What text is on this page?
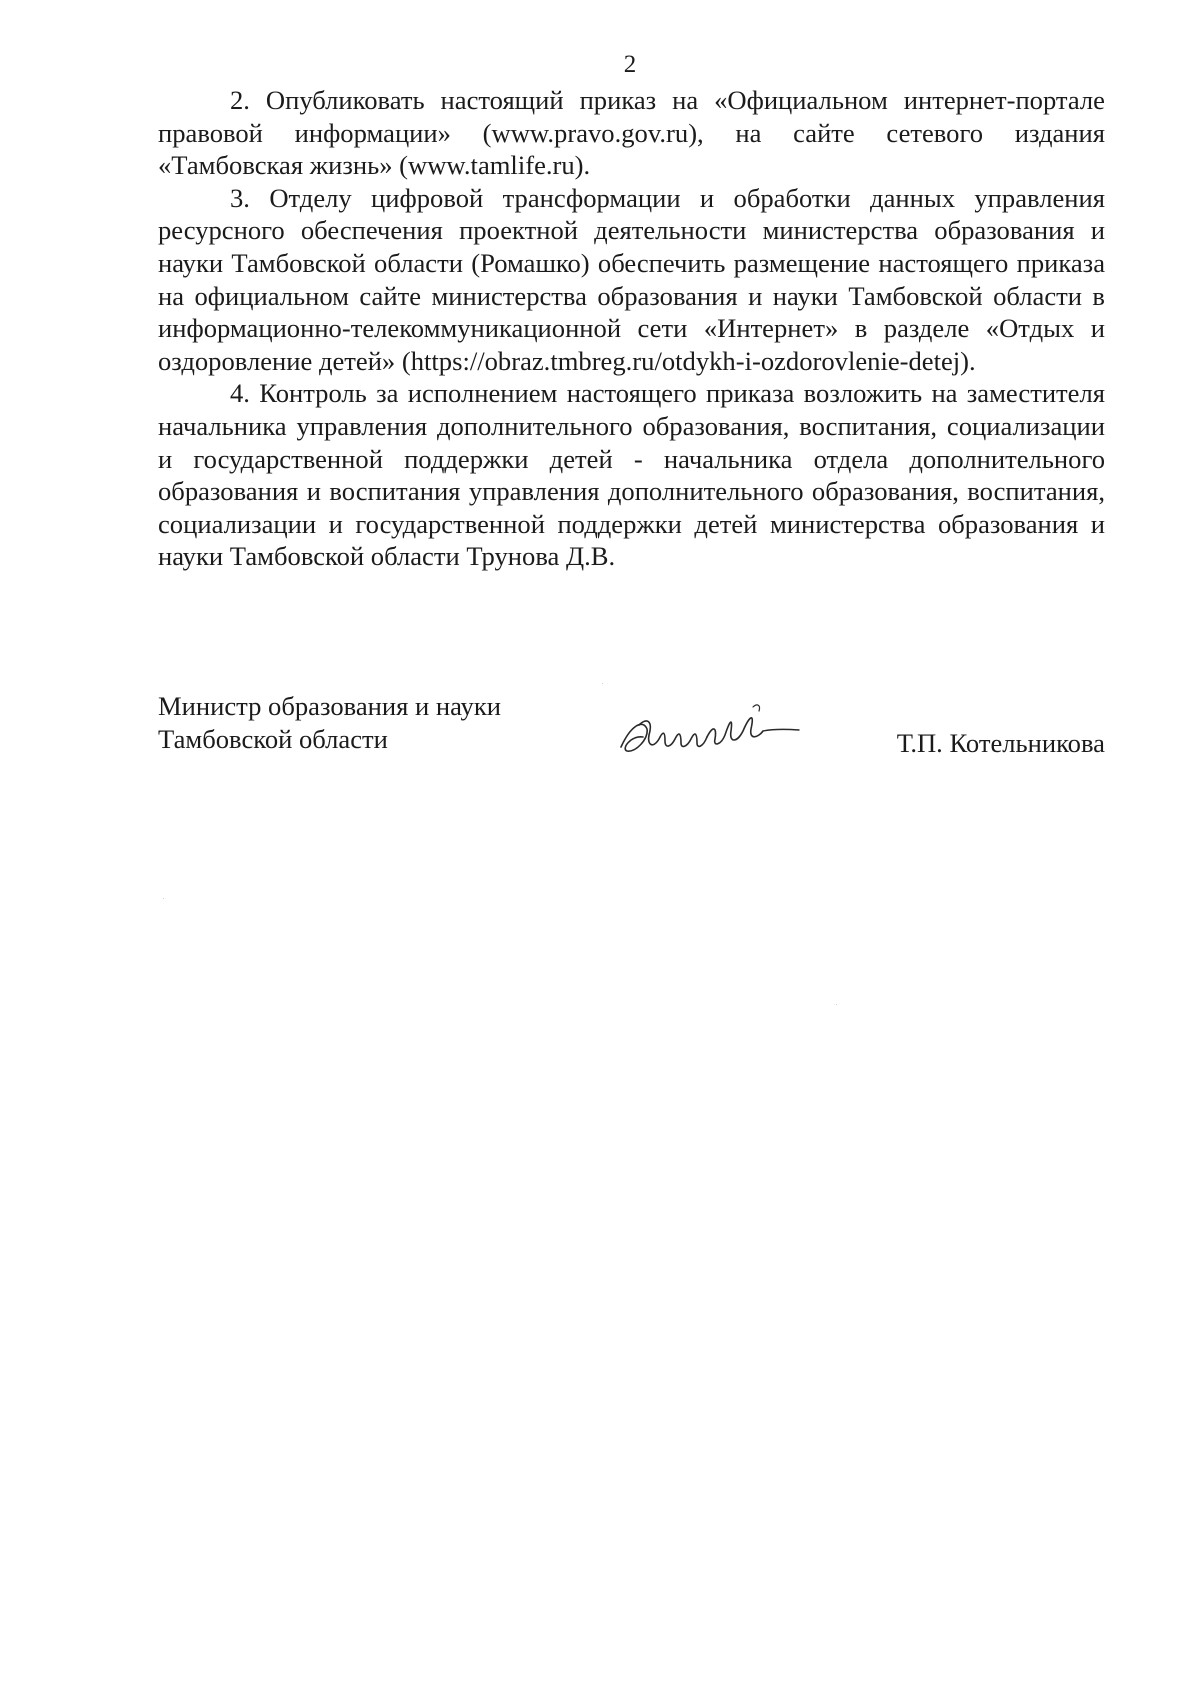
2

2. Опубликовать настоящий приказ на «Официальном интернет-портале правовой информации» (www.pravo.gov.ru), на сайте сетевого издания «Тамбовская жизнь» (www.tamlife.ru).

3. Отделу цифровой трансформации и обработки данных управления ресурсного обеспечения проектной деятельности министерства образования и науки Тамбовской области (Ромашко) обеспечить размещение настоящего приказа на официальном сайте министерства образования и науки Тамбовской области в информационно-телекоммуникационной сети «Интернет» в разделе «Отдых и оздоровление детей» (https://obraz.tmbreg.ru/otdykh-i-ozdorovlenie-detej).

4. Контроль за исполнением настоящего приказа возложить на заместителя начальника управления дополнительного образования, воспитания, социализации и государственной поддержки детей - начальника отдела дополнительного образования и воспитания управления дополнительного образования, воспитания, социализации и государственной поддержки детей министерства образования и науки Тамбовской области Трунова Д.В.

Министр образования и науки
Тамбовской области	Т.П. Котельникова
